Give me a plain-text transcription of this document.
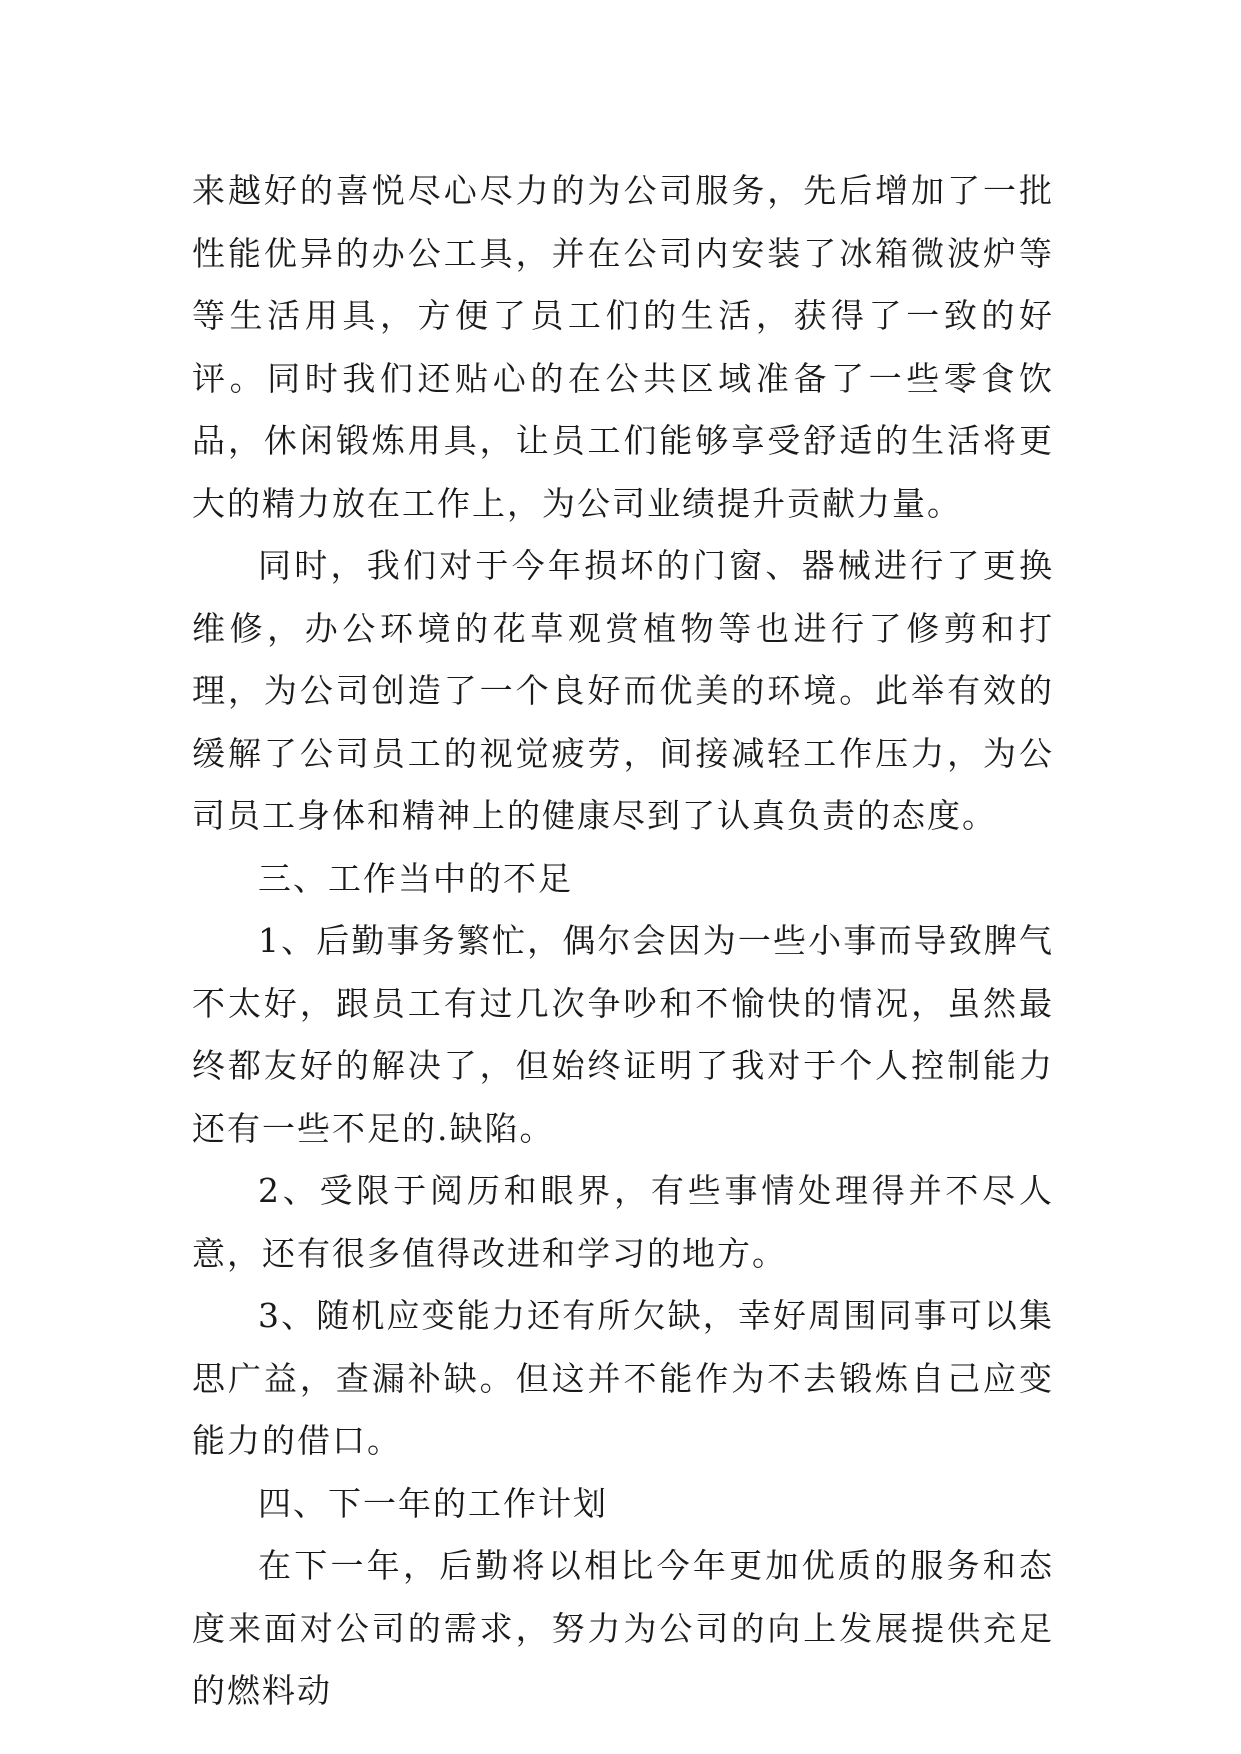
来越好的喜悦尽心尽力的为公司服务，先后增加了一批性能优异的办公工具，并在公司内安装了冰箱微波炉等等生活用具，方便了员工们的生活，获得了一致的好评。同时我们还贴心的在公共区域准备了一些零食饮品，休闲锻炼用具，让员工们能够享受舒适的生活将更大的精力放在工作上，为公司业绩提升贡献力量。

同时，我们对于今年损坏的门窗、器械进行了更换维修，办公环境的花草观赏植物等也进行了修剪和打理，为公司创造了一个良好而优美的环境。此举有效的缓解了公司员工的视觉疲劳，间接减轻工作压力，为公司员工身体和精神上的健康尽到了认真负责的态度。

三、工作当中的不足

1、后勤事务繁忙，偶尔会因为一些小事而导致脾气不太好，跟员工有过几次争吵和不愉快的情况，虽然最终都友好的解决了，但始终证明了我对于个人控制能力还有一些不足的.缺陷。

2、受限于阅历和眼界，有些事情处理得并不尽人意，还有很多值得改进和学习的地方。

3、随机应变能力还有所欠缺，幸好周围同事可以集思广益，查漏补缺。但这并不能作为不去锻炼自己应变能力的借口。

四、下一年的工作计划

在下一年，后勤将以相比今年更加优质的服务和态度来面对公司的需求，努力为公司的向上发展提供充足的燃料动
